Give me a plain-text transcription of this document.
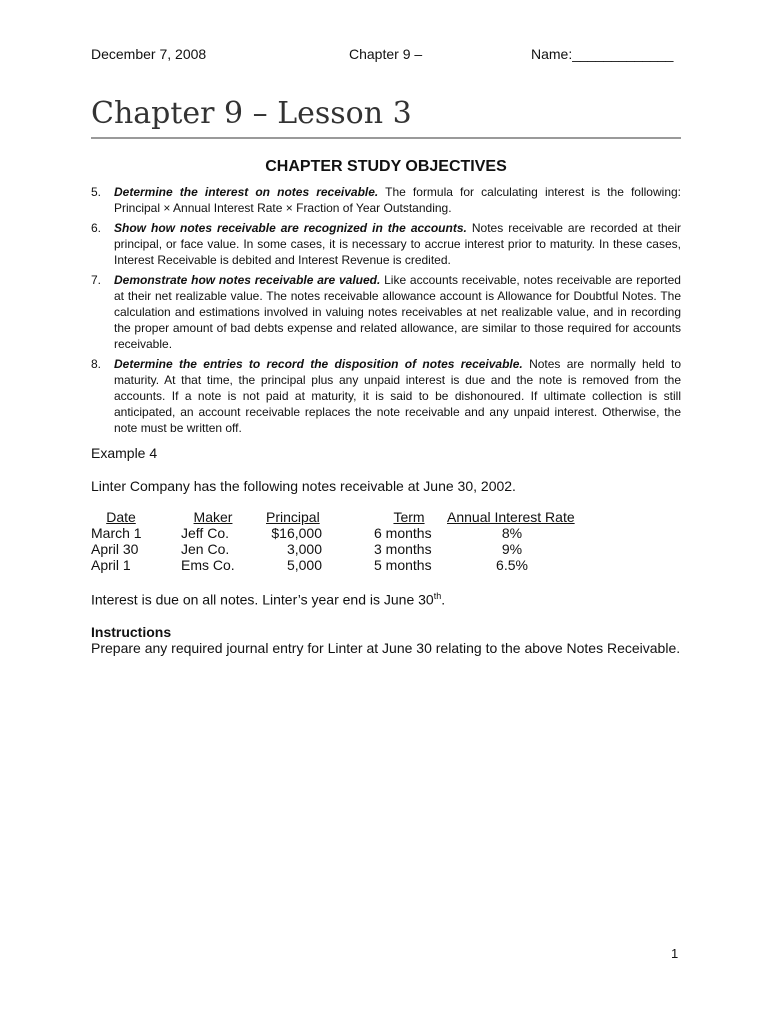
December 7, 2008	Chapter 9 –	Name:_____________
Chapter 9 – Lesson 3
CHAPTER STUDY OBJECTIVES
5. Determine the interest on notes receivable. The formula for calculating interest is the following: Principal × Annual Interest Rate × Fraction of Year Outstanding.
6. Show how notes receivable are recognized in the accounts. Notes receivable are recorded at their principal, or face value. In some cases, it is necessary to accrue interest prior to maturity. In these cases, Interest Receivable is debited and Interest Revenue is credited.
7. Demonstrate how notes receivable are valued. Like accounts receivable, notes receivable are reported at their net realizable value. The notes receivable allowance account is Allowance for Doubtful Notes. The calculation and estimations involved in valuing notes receivables at net realizable value, and in recording the proper amount of bad debts expense and related allowance, are similar to those required for accounts receivable.
8. Determine the entries to record the disposition of notes receivable. Notes are normally held to maturity. At that time, the principal plus any unpaid interest is due and the note is removed from the accounts. If a note is not paid at maturity, it is said to be dishonoured. If ultimate collection is still anticipated, an account receivable replaces the note receivable and any unpaid interest. Otherwise, the note must be written off.
Example 4
Linter Company has the following notes receivable at June 30, 2002.
Date	Maker	Principal	Term	Annual Interest Rate
March 1	Jeff Co.	$16,000	6 months	8%
April 30	Jen Co.	3,000	3 months	9%
April 1	Ems Co.	5,000	5 months	6.5%
Interest is due on all notes. Linter’s year end is June 30th.
Instructions
Prepare any required journal entry for Linter at June 30 relating to the above Notes Receivable.
1
